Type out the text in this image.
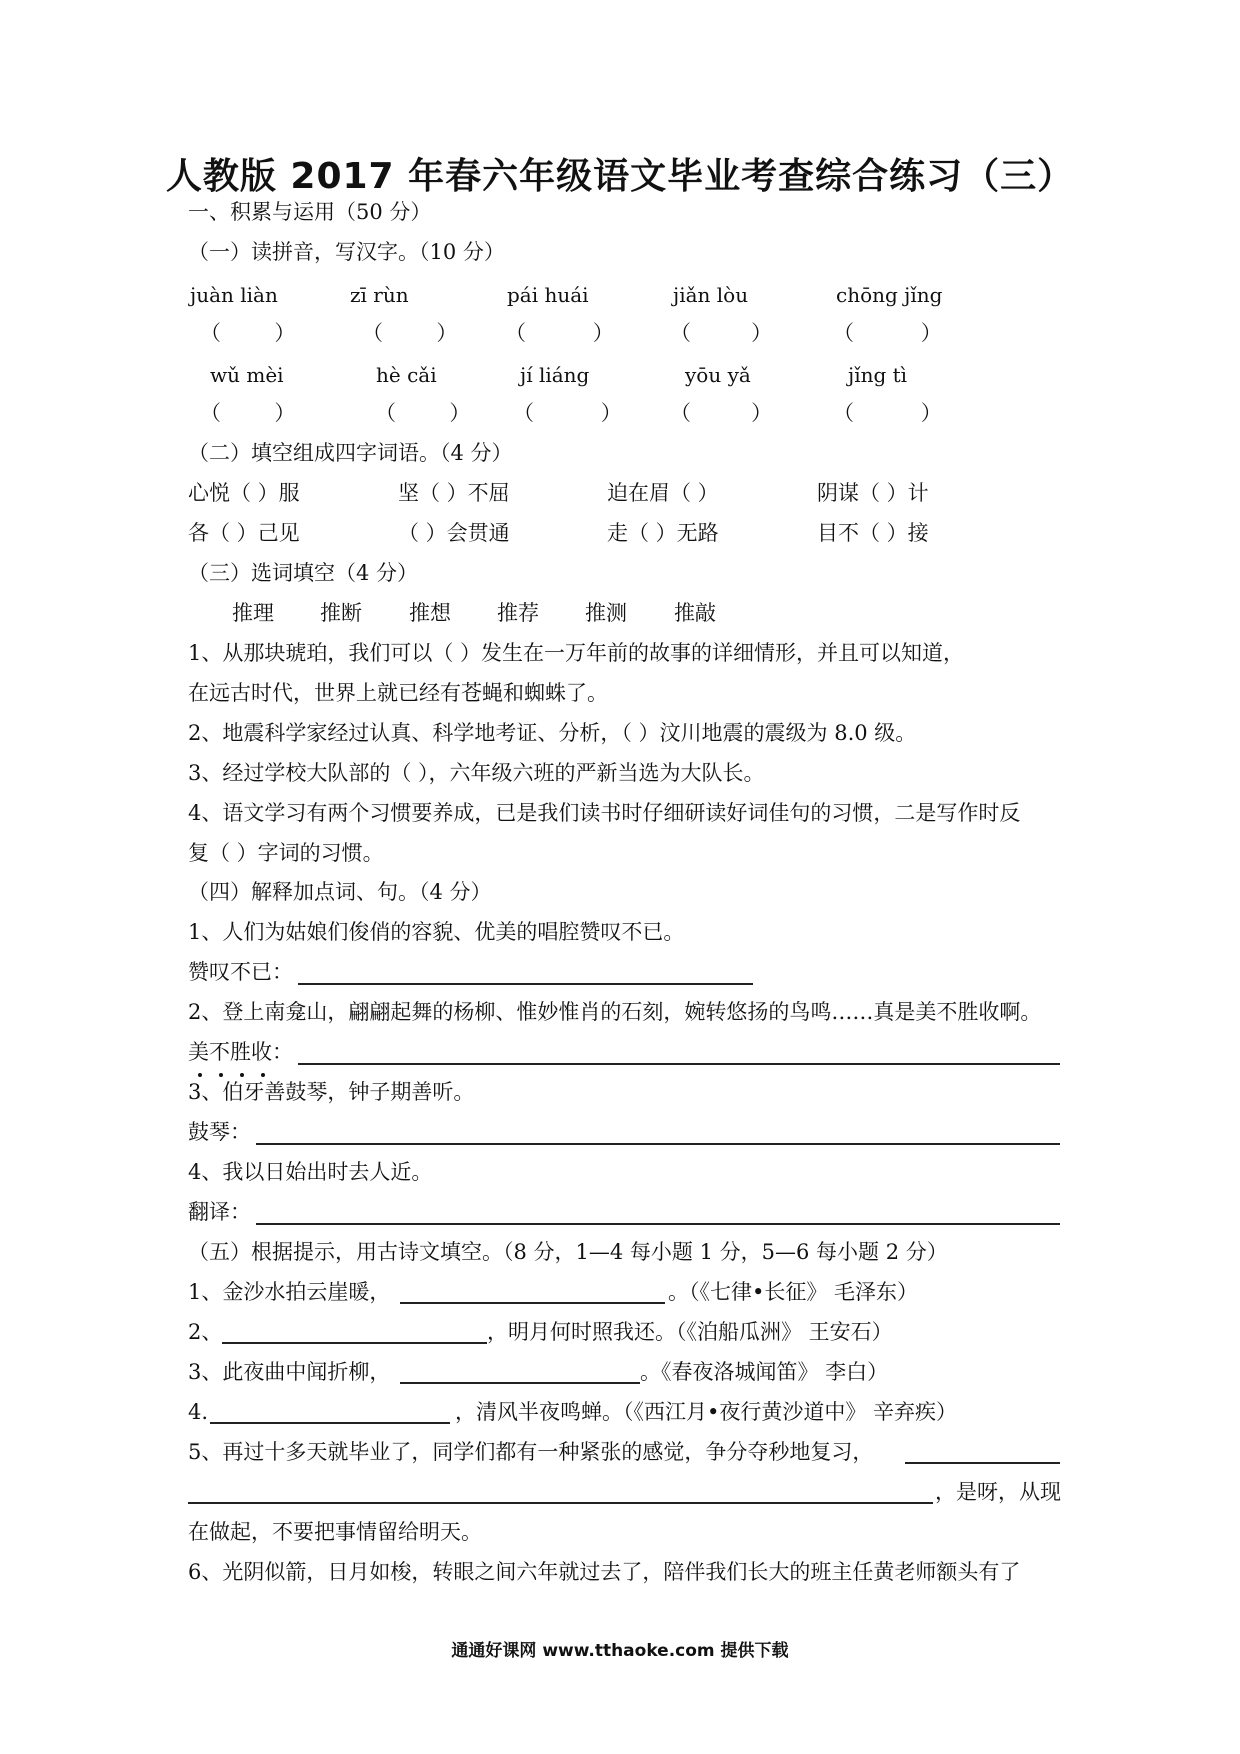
人教版 2017 年春六年级语文毕业考查综合练习（三）
一、积累与运用（50 分）
（一）读拼音，写汉字。（10 分）
juàn liàn	zī rùn	pái huái	jiǎn lòu	chōng jǐng
（        ）	（        ） （          ）	（         ）	（          ）
wǔ mèi	hè cǎi	jí liáng	yōu yǎ	jǐng tì
（        ）	（        ） （          ） （         ）	（          ）
（二）填空组成四字词语。（4 分）
心悦（ ）服	坚（ ）不屈	迫在眉（ ）	阴谋（ ）计
各（ ）己见	（ ）会贯通	走（ ）无路	目不（ ）接
（三）选词填空（4 分）
推理 推断 推想 推荐 推测 推敲
1、从那块琥珀，我们可以（ ）发生在一万年前的故事的详细情形，并且可以知道，
在远古时代，世界上就已经有苍蝇和蜘蛛了。
2、地震科学家经过认真、科学地考证、分析，（ ）汶川地震的震级为 8.0 级。
3、经过学校大队部的（ ），六年级六班的严新当选为大队长。
4、语文学习有两个习惯要养成，已是我们读书时仔细研读好词佳句的习惯，二是写作时反
复（ ）字词的习惯。
（四）解释加点词、句。（4 分）
1、人们为姑娘们俊俏的容貌、优美的唱腔赞叹不已。
赞叹不已：
2、登上南龛山，翩翩起舞的杨柳、惟妙惟肖的石刻，婉转悠扬的鸟鸣……真是美不胜收啊。
美不胜收：
3、伯牙善鼓琴，钟子期善听。
鼓琴：
4、我以日始出时去人近。
翻译：
（五）根据提示，用古诗文填空。（8 分，1—4 每小题 1 分，5—6 每小题 2 分）
1、金沙水拍云崖暖，	。（《七律•长征》 毛泽东）
2、	，明月何时照我还。（《泊船瓜洲》 王安石）
3、此夜曲中闻折柳，	。《春夜洛城闻笛》 李白）
4.	，清风半夜鸣蝉。（《西江月•夜行黄沙道中》 辛弃疾）
5、再过十多天就毕业了，同学们都有一种紧张的感觉，争分夺秒地复习，
，是呀，从现
在做起，不要把事情留给明天。
6、光阴似箭，日月如梭，转眼之间六年就过去了，陪伴我们长大的班主任黄老师额头有了
通通好课网 www.tthaoke.com 提供下载
